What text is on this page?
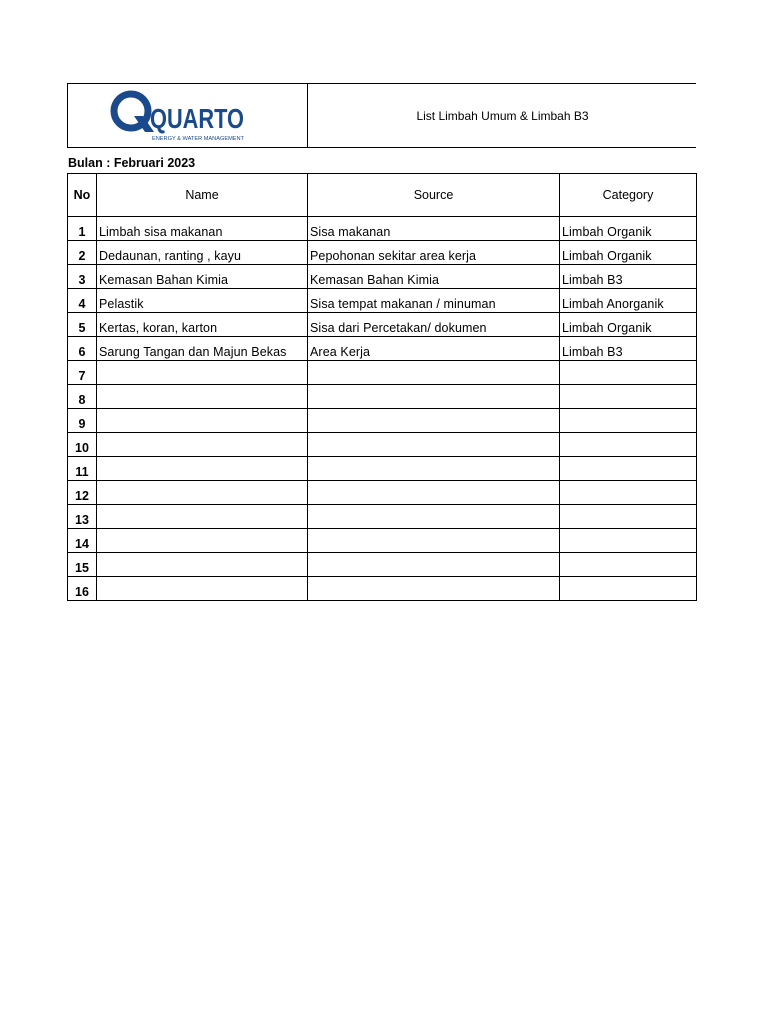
QUARTO
ENERGY & WATER MANAGEMENT
List Limbah Umum & Limbah B3
Bulan : Februari 2023
No	Name	Source	Category
1	Limbah sisa makanan	Sisa makanan	Limbah Organik
2	Dedaunan, ranting , kayu	Pepohonan sekitar area kerja	Limbah Organik
3	Kemasan Bahan Kimia	Kemasan Bahan Kimia	Limbah B3
4	Pelastik	Sisa tempat makanan / minuman	Limbah Anorganik
5	Kertas, koran, karton	Sisa dari Percetakan/ dokumen	Limbah Organik
6	Sarung Tangan dan Majun Bekas	Area Kerja	Limbah B3
7			
8			
9			
10			
11			
12			
13			
14			
15			
16			
